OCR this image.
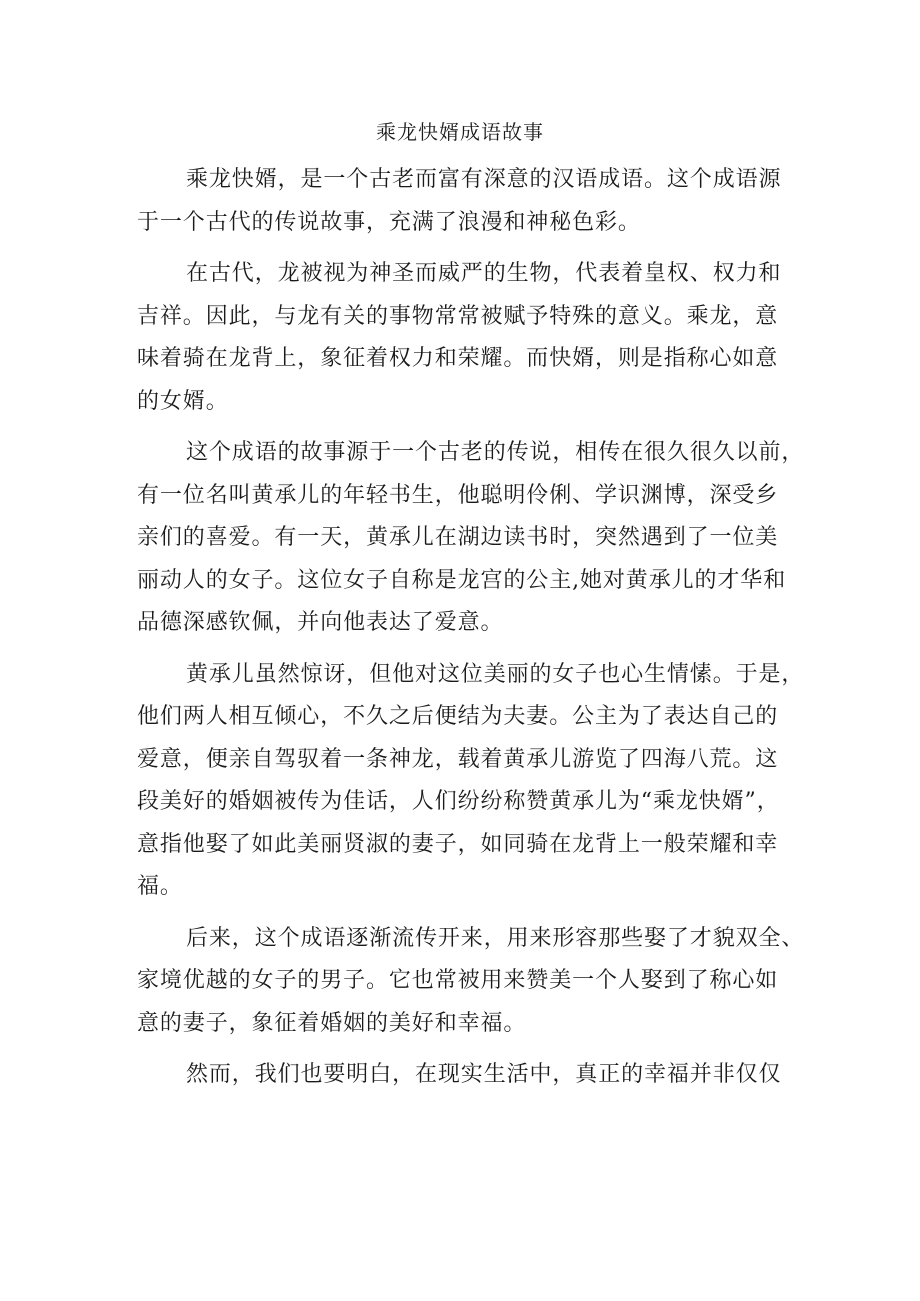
乘龙快婿成语故事
乘龙快婿，是一个古老而富有深意的汉语成语。这个成语源
于一个古代的传说故事，充满了浪漫和神秘色彩。
在古代，龙被视为神圣而威严的生物，代表着皇权、权力和
吉祥。因此，与龙有关的事物常常被赋予特殊的意义。乘龙，意
味着骑在龙背上，象征着权力和荣耀。而快婿，则是指称心如意
的女婿。
这个成语的故事源于一个古老的传说，相传在很久很久以前，
有一位名叫黄承儿的年轻书生，他聪明伶俐、学识渊博，深受乡
亲们的喜爱。有一天，黄承儿在湖边读书时，突然遇到了一位美
丽动人的女子。这位女子自称是龙宫的公主,她对黄承儿的才华和
品德深感钦佩，并向他表达了爱意。
黄承儿虽然惊讶，但他对这位美丽的女子也心生情愫。于是，
他们两人相互倾心，不久之后便结为夫妻。公主为了表达自己的
爱意，便亲自驾驭着一条神龙，载着黄承儿游览了四海八荒。这
段美好的婚姻被传为佳话，人们纷纷称赞黄承儿为“乘龙快婿”，
意指他娶了如此美丽贤淑的妻子，如同骑在龙背上一般荣耀和幸
福。
后来，这个成语逐渐流传开来，用来形容那些娶了才貌双全、
家境优越的女子的男子。它也常被用来赞美一个人娶到了称心如
意的妻子，象征着婚姻的美好和幸福。
然而，我们也要明白，在现实生活中，真正的幸福并非仅仅
